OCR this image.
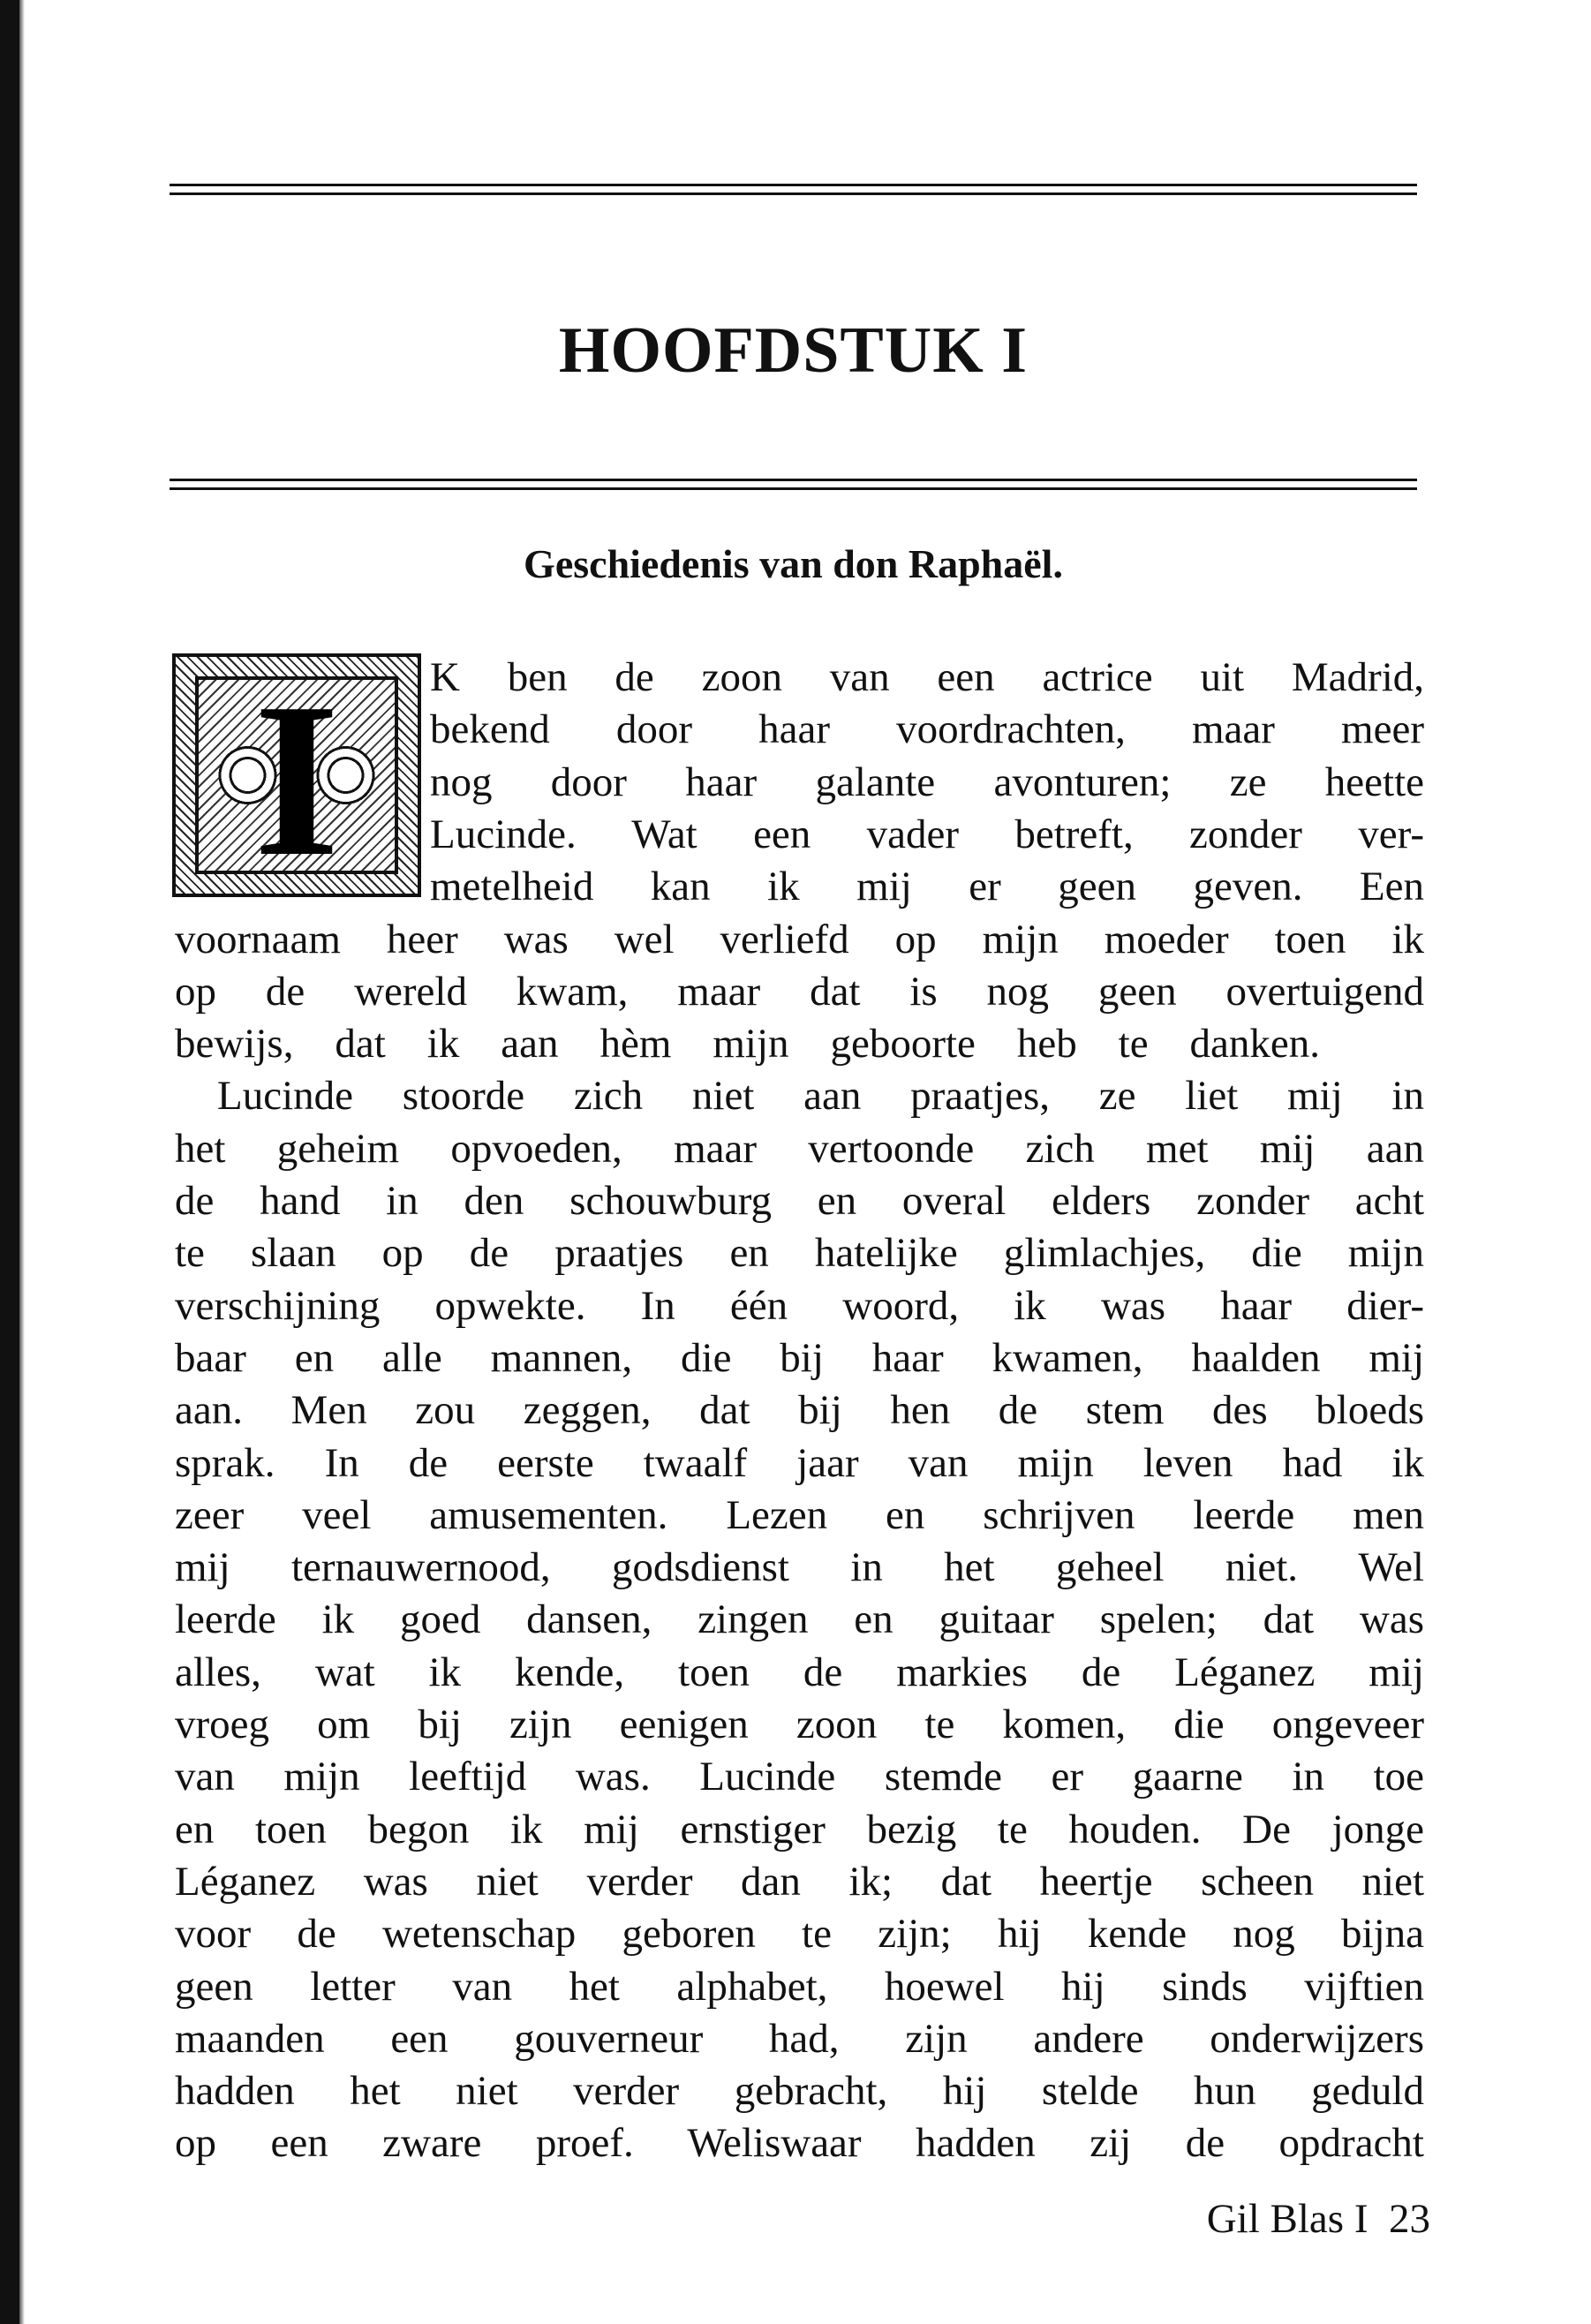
HOOFDSTUK I
Geschiedenis van don Raphaël.
I	K ben de zoon van een actrice uit Madrid,
bekend door haar voordrachten, maar meer
nog door haar galante avonturen; ze heette
Lucinde. Wat een vader betreft, zonder ver-
metelheid kan ik mij er geen geven. Een
voornaam heer was wel verliefd op mijn moeder toen ik
op de wereld kwam, maar dat is nog geen overtuigend
bewijs, dat ik aan hèm mijn geboorte heb te danken.
Lucinde stoorde zich niet aan praatjes, ze liet mij in
het geheim opvoeden, maar vertoonde zich met mij aan
de hand in den schouwburg en overal elders zonder acht
te slaan op de praatjes en hatelijke glimlachjes, die mijn
verschijning opwekte. In één woord, ik was haar dier-
baar en alle mannen, die bij haar kwamen, haalden mij
aan. Men zou zeggen, dat bij hen de stem des bloeds
sprak. In de eerste twaalf jaar van mijn leven had ik
zeer veel amusementen. Lezen en schrijven leerde men
mij ternauwernood, godsdienst in het geheel niet. Wel
leerde ik goed dansen, zingen en guitaar spelen; dat was
alles, wat ik kende, toen de markies de Léganez mij
vroeg om bij zijn eenigen zoon te komen, die ongeveer
van mijn leeftijd was. Lucinde stemde er gaarne in toe
en toen begon ik mij ernstiger bezig te houden. De jonge
Léganez was niet verder dan ik; dat heertje scheen niet
voor de wetenschap geboren te zijn; hij kende nog bijna
geen letter van het alphabet, hoewel hij sinds vijftien
maanden een gouverneur had, zijn andere onderwijzers
hadden het niet verder gebracht, hij stelde hun geduld
op een zware proef. Weliswaar hadden zij de opdracht
Gil Blas I 23
